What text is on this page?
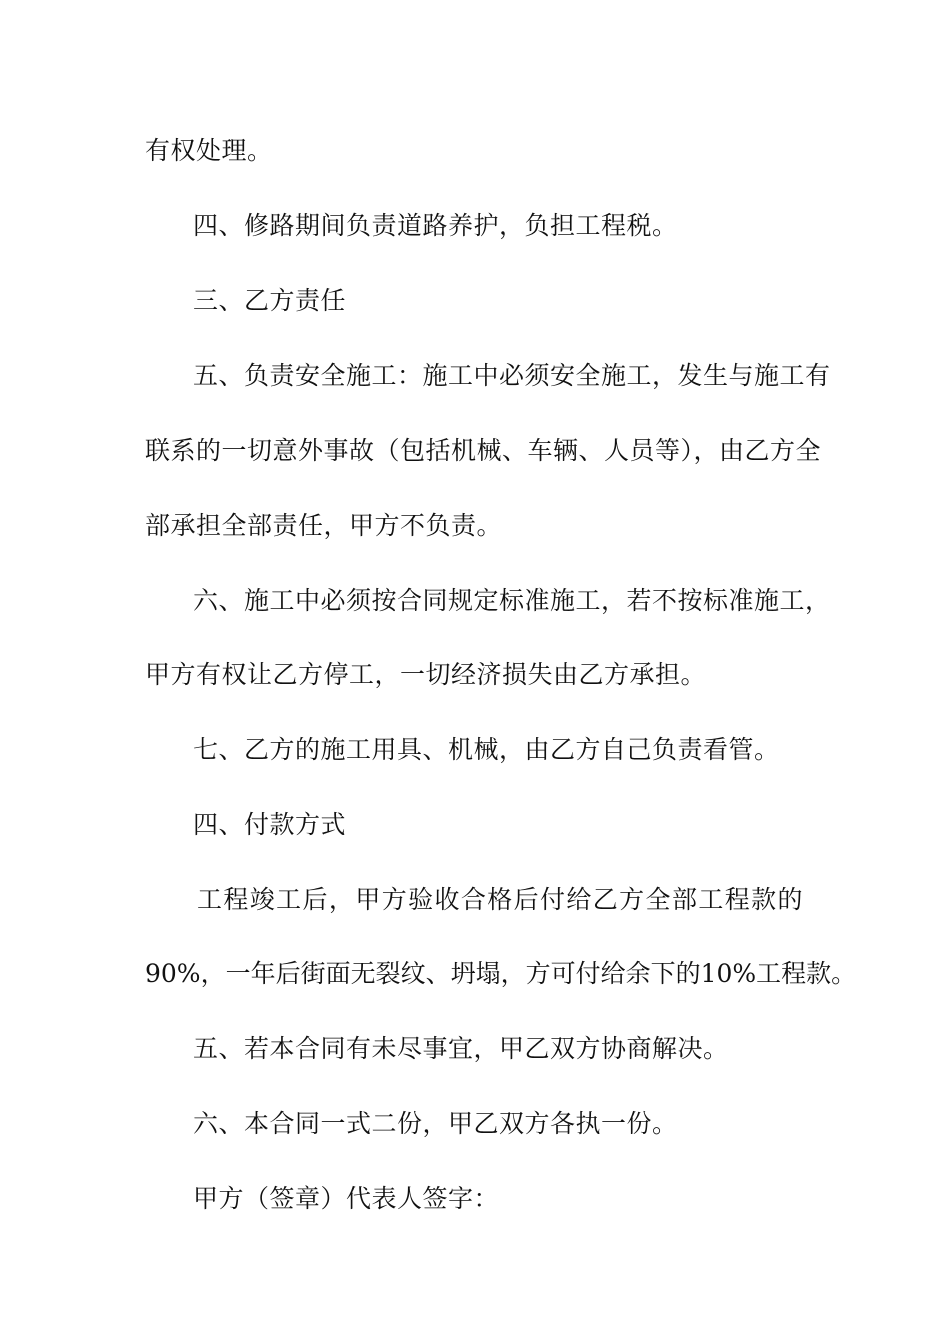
有权处理。
四、修路期间负责道路养护，负担工程税。
三、乙方责任
五、负责安全施工：施工中必须安全施工，发生与施工有
联系的一切意外事故（包括机械、车辆、人员等），由乙方全
部承担全部责任，甲方不负责。
六、施工中必须按合同规定标准施工，若不按标准施工，
甲方有权让乙方停工，一切经济损失由乙方承担。
七、乙方的施工用具、机械，由乙方自己负责看管。
四、付款方式
工程竣工后，甲方验收合格后付给乙方全部工程款的
90%，一年后街面无裂纹、坍塌，方可付给余下的10%工程款。
五、若本合同有未尽事宜，甲乙双方协商解决。
六、本合同一式二份，甲乙双方各执一份。
甲方（签章）代表人签字：
